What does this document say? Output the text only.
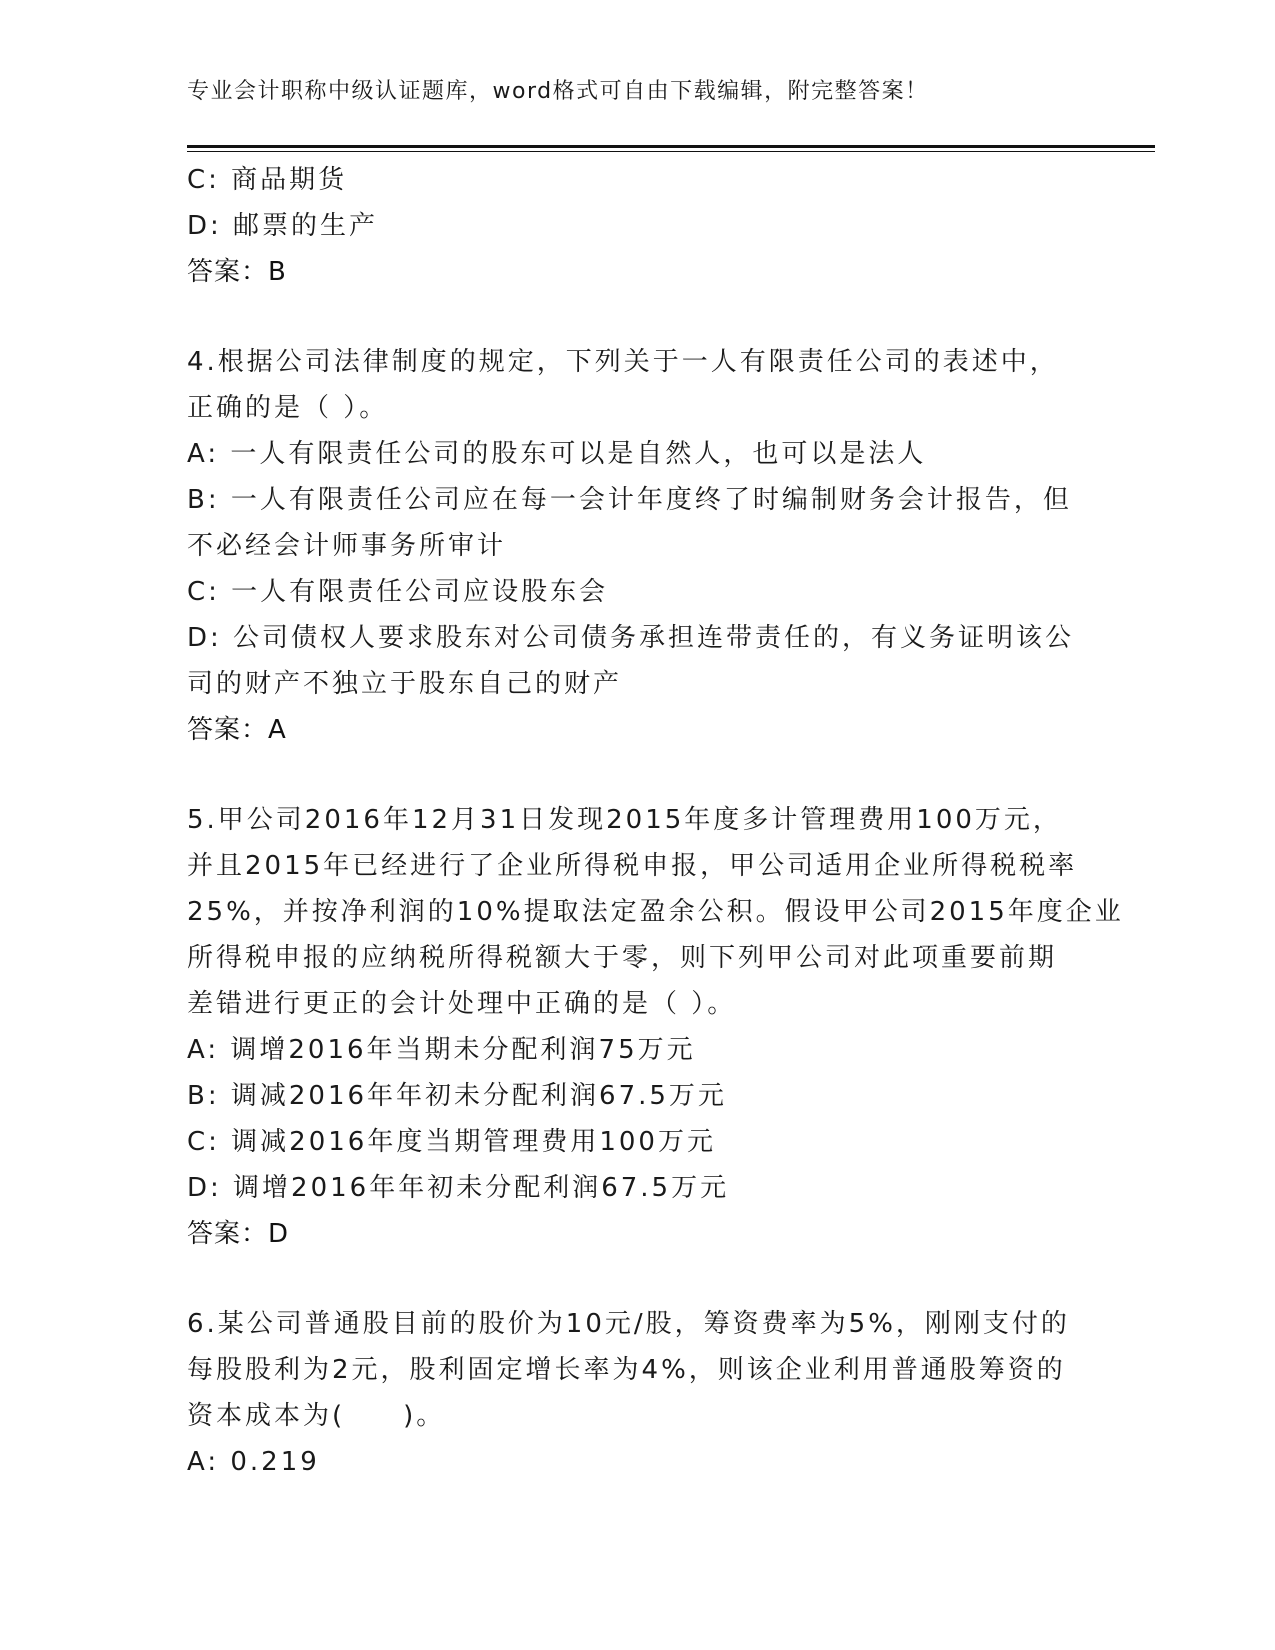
专业会计职称中级认证题库，word格式可自由下载编辑，附完整答案！
C: 商品期货
D: 邮票的生产
答案：B
4.根据公司法律制度的规定，下列关于一人有限责任公司的表述中，
正确的是（ ）。
A: 一人有限责任公司的股东可以是自然人，也可以是法人
B: 一人有限责任公司应在每一会计年度终了时编制财务会计报告，但
不必经会计师事务所审计
C: 一人有限责任公司应设股东会
D: 公司债权人要求股东对公司债务承担连带责任的，有义务证明该公
司的财产不独立于股东自己的财产
答案：A
5.甲公司2016年12月31日发现2015年度多计管理费用100万元，
并且2015年已经进行了企业所得税申报，甲公司适用企业所得税税率
25%，并按净利润的10%提取法定盈余公积。假设甲公司2015年度企业
所得税申报的应纳税所得税额大于零，则下列甲公司对此项重要前期
差错进行更正的会计处理中正确的是（ ）。
A: 调增2016年当期未分配利润75万元
B: 调减2016年年初未分配利润67.5万元
C: 调减2016年度当期管理费用100万元
D: 调增2016年年初未分配利润67.5万元
答案：D
6.某公司普通股目前的股价为10元/股，筹资费率为5%，刚刚支付的
每股股利为2元，股利固定增长率为4%，则该企业利用普通股筹资的
资本成本为(　　)。
A: 0.219
